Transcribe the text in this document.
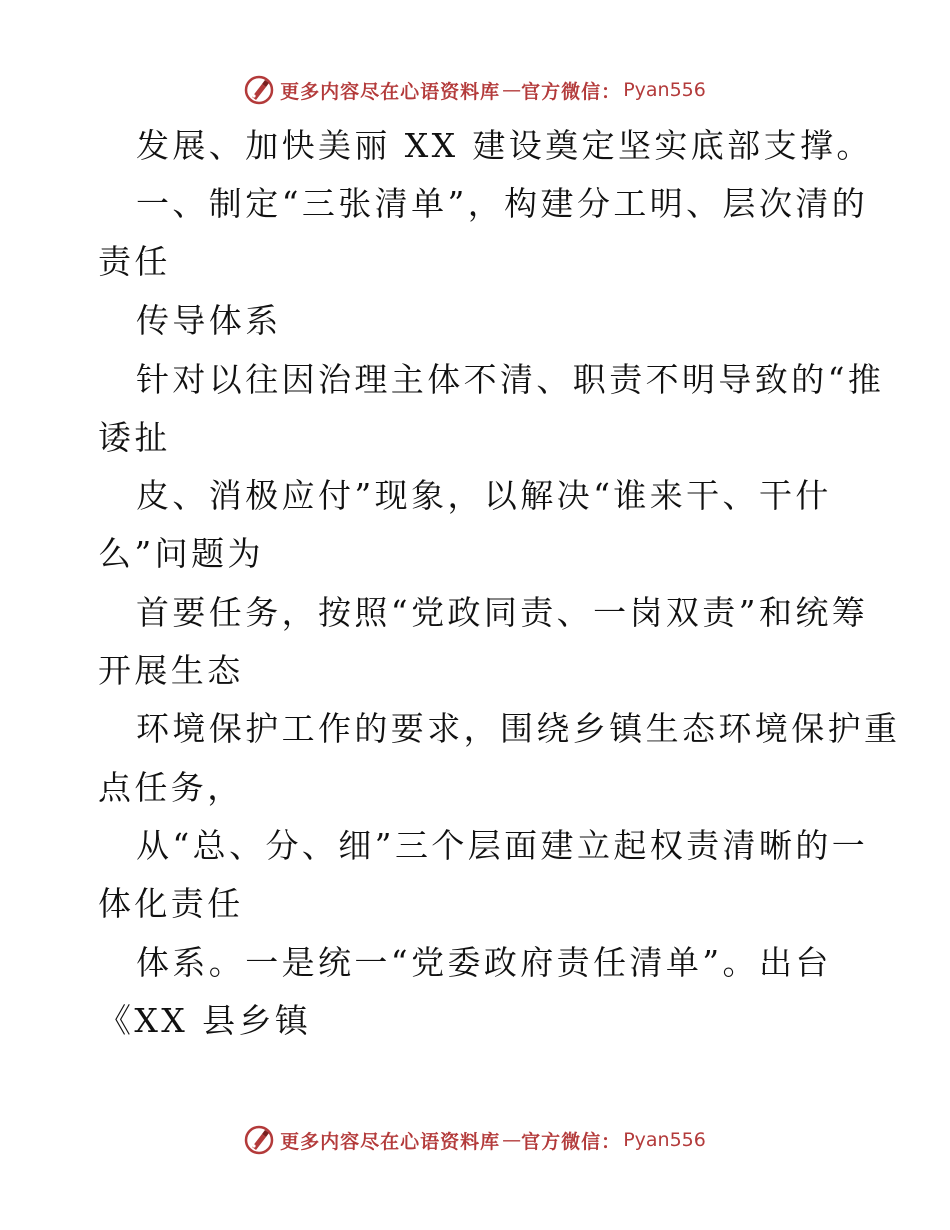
更多内容尽在心语资料库 — 官方微信： Pyan556
发展、加快美丽 XX 建设奠定坚实底部支撑。
一、制定“三张清单”，构建分工明、层次清的
责任
传导体系
针对以往因治理主体不清、职责不明导致的“推
诿扯
皮、消极应付”现象，以解决“谁来干、干什
么”问题为
首要任务，按照“党政同责、一岗双责”和统筹
开展生态
环境保护工作的要求，围绕乡镇生态环境保护重
点任务，
从“总、分、细”三个层面建立起权责清晰的一
体化责任
体系。一是统一“党委政府责任清单”。出台
《XX 县乡镇
更多内容尽在心语资料库 — 官方微信： Pyan556
